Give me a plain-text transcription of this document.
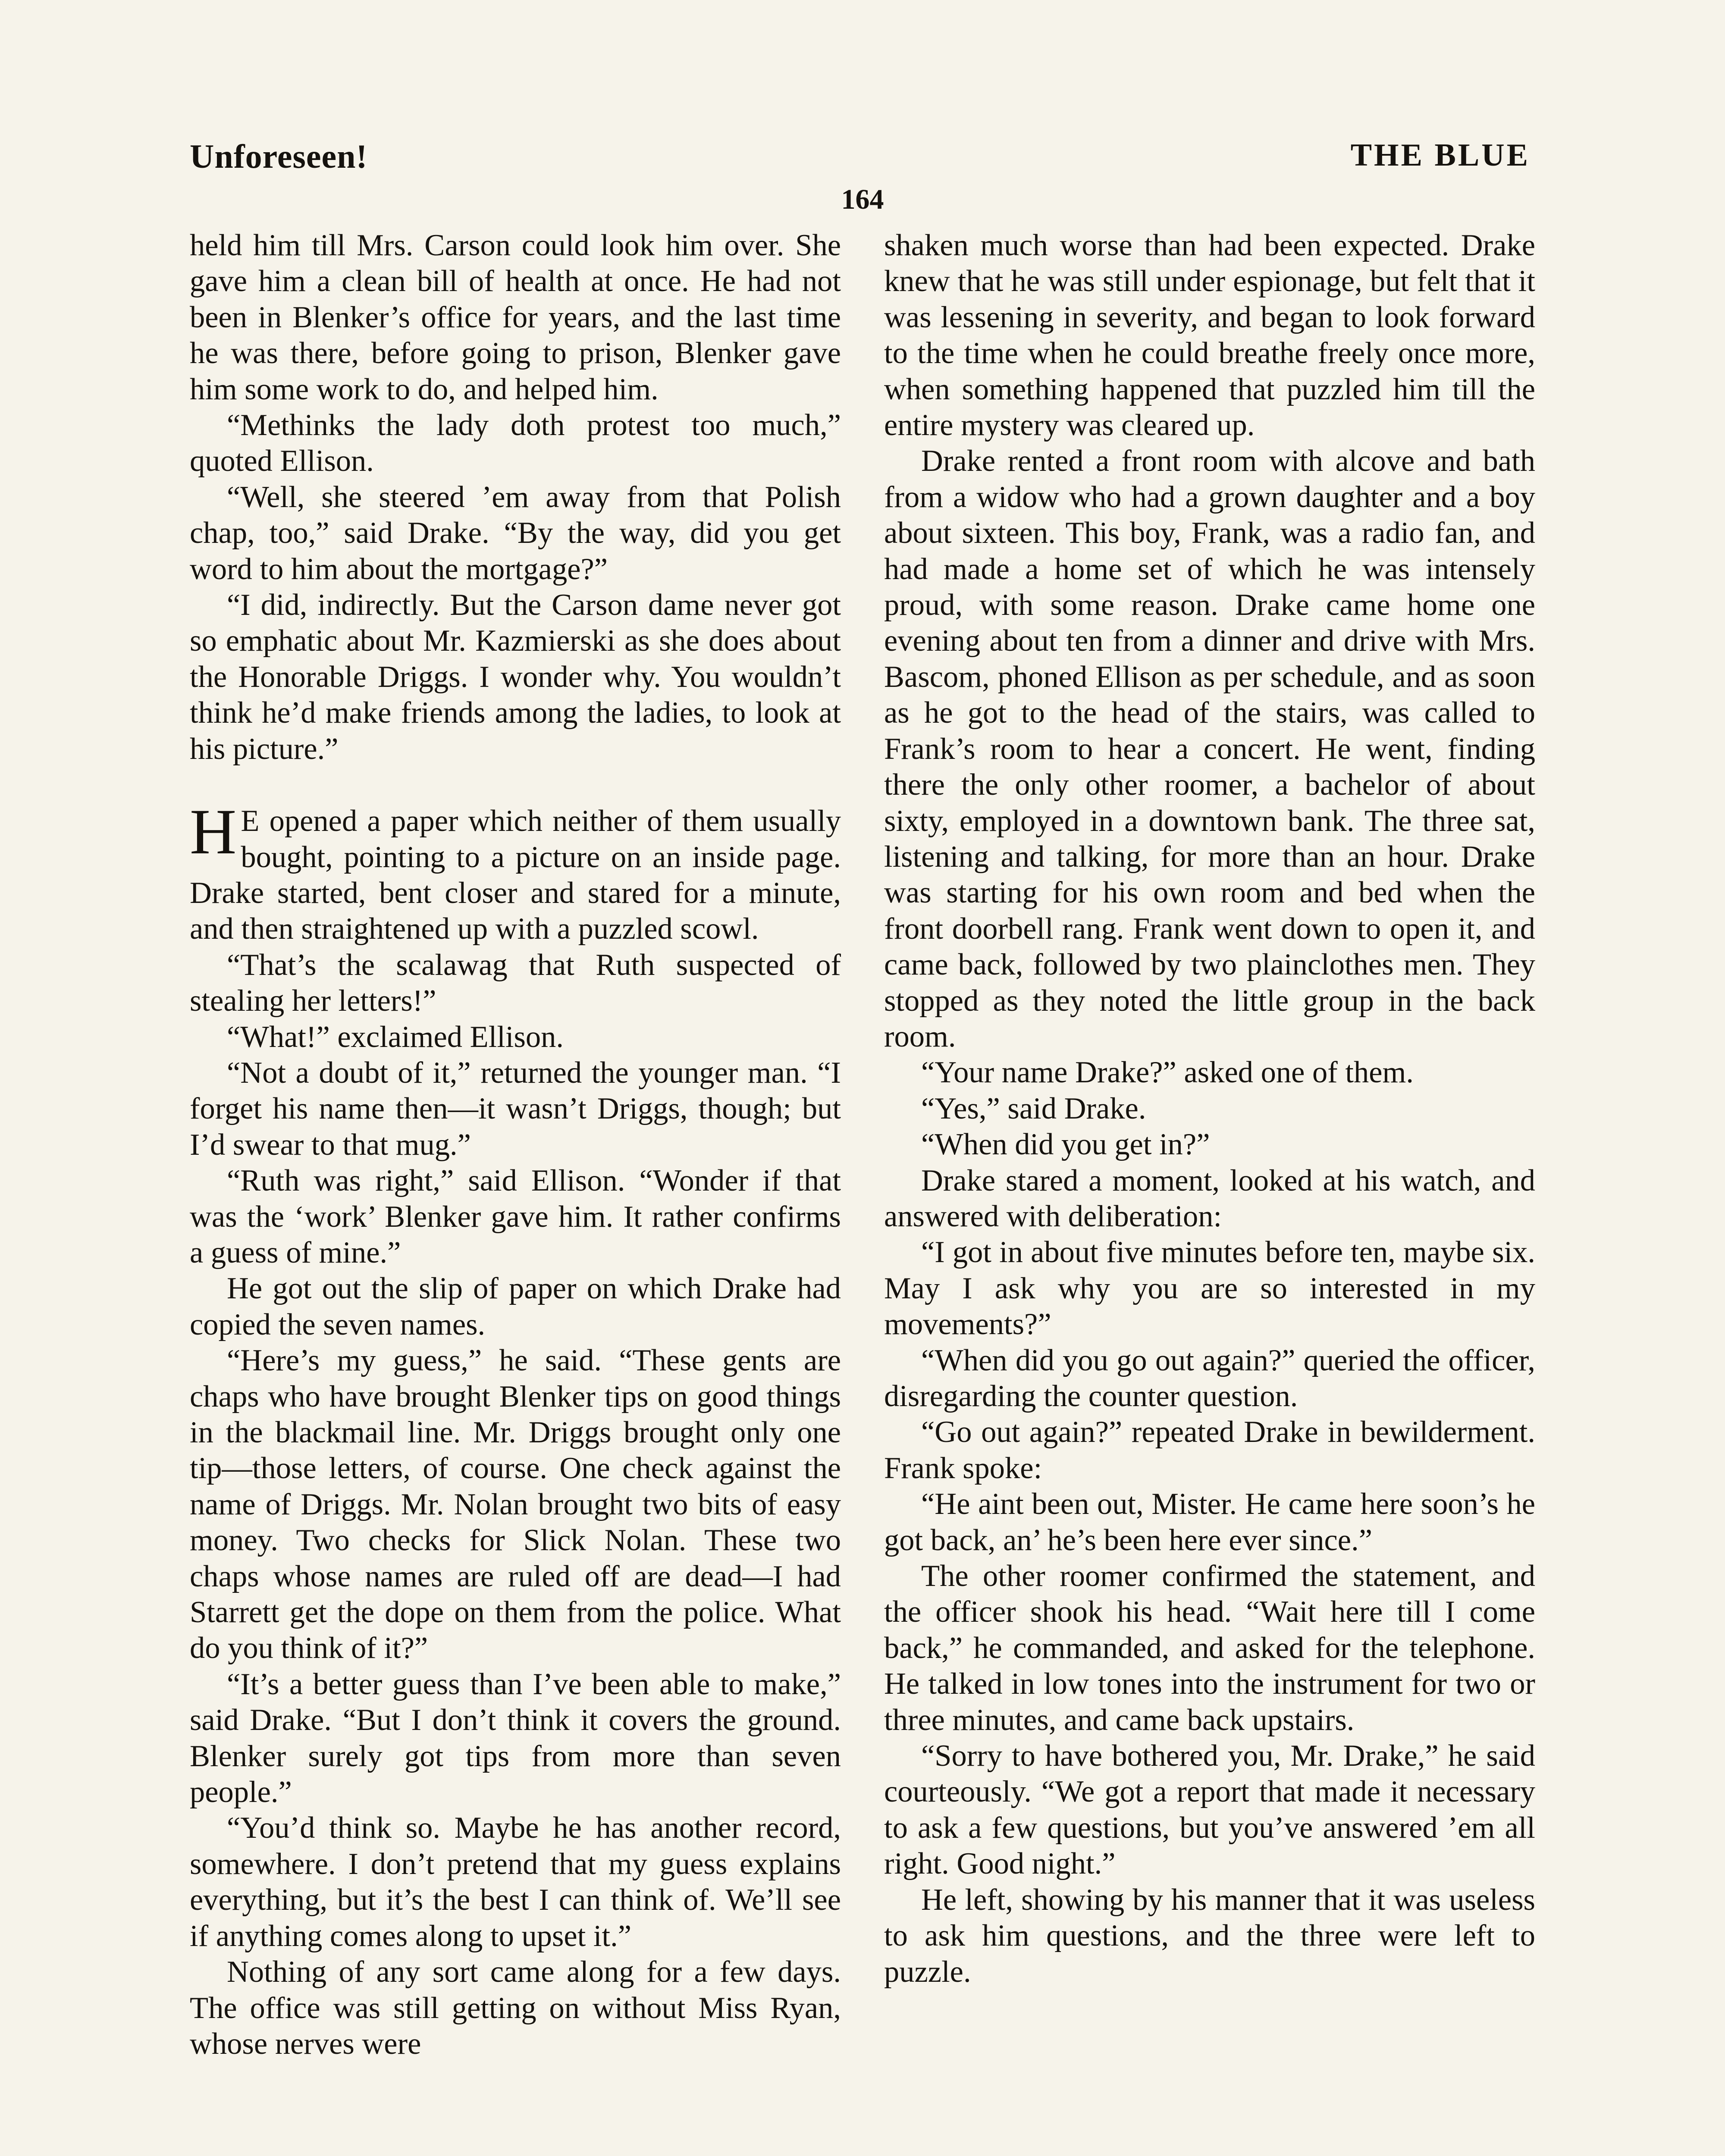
Unforeseen!	THE BLUE
164

held him till Mrs. Carson could look him over. She gave him a clean bill of health at once. He had not been in Blenker’s office for years, and the last time he was there, before going to prison, Blenker gave him some work to do, and helped him.

“Methinks the lady doth protest too much,” quoted Ellison.

“Well, she steered ’em away from that Polish chap, too,” said Drake. “By the way, did you get word to him about the mortgage?”

“I did, indirectly. But the Carson dame never got so emphatic about Mr. Kazmierski as she does about the Honorable Driggs. I wonder why. You wouldn’t think he’d make friends among the ladies, to look at his picture.”

H E opened a paper which neither of them usually bought, pointing to a picture on an inside page. Drake started, bent closer and stared for a minute, and then straightened up with a puzzled scowl.

“That’s the scalawag that Ruth suspected of stealing her letters!”

“What!” exclaimed Ellison.

“Not a doubt of it,” returned the younger man. “I forget his name then—it wasn’t Driggs, though; but I’d swear to that mug.”

“Ruth was right,” said Ellison. “Wonder if that was the ‘work’ Blenker gave him. It rather confirms a guess of mine.”

He got out the slip of paper on which Drake had copied the seven names.

“Here’s my guess,” he said. “These gents are chaps who have brought Blenker tips on good things in the blackmail line. Mr. Driggs brought only one tip—those letters, of course. One check against the name of Driggs. Mr. Nolan brought two bits of easy money. Two checks for Slick Nolan. These two chaps whose names are ruled off are dead—I had Starrett get the dope on them from the police. What do you think of it?”

“It’s a better guess than I’ve been able to make,” said Drake. “But I don’t think it covers the ground. Blenker surely got tips from more than seven people.”

“You’d think so. Maybe he has another record, somewhere. I don’t pretend that my guess explains everything, but it’s the best I can think of. We’ll see if anything comes along to upset it.”

Nothing of any sort came along for a few days. The office was still getting on without Miss Ryan, whose nerves were

shaken much worse than had been expected. Drake knew that he was still under espionage, but felt that it was lessening in severity, and began to look forward to the time when he could breathe freely once more, when something happened that puzzled him till the entire mystery was cleared up.

Drake rented a front room with alcove and bath from a widow who had a grown daughter and a boy about sixteen. This boy, Frank, was a radio fan, and had made a home set of which he was intensely proud, with some reason. Drake came home one evening about ten from a dinner and drive with Mrs. Bascom, phoned Ellison as per schedule, and as soon as he got to the head of the stairs, was called to Frank’s room to hear a concert. He went, finding there the only other roomer, a bachelor of about sixty, employed in a downtown bank. The three sat, listening and talking, for more than an hour. Drake was starting for his own room and bed when the front doorbell rang. Frank went down to open it, and came back, followed by two plainclothes men. They stopped as they noted the little group in the back room.

“Your name Drake?” asked one of them.

“Yes,” said Drake.

“When did you get in?”

Drake stared a moment, looked at his watch, and answered with deliberation:

“I got in about five minutes before ten, maybe six. May I ask why you are so interested in my movements?”

“When did you go out again?” queried the officer, disregarding the counter question.

“Go out again?” repeated Drake in bewilderment. Frank spoke:

“He aint been out, Mister. He came here soon’s he got back, an’ he’s been here ever since.”

The other roomer confirmed the statement, and the officer shook his head. “Wait here till I come back,” he commanded, and asked for the telephone. He talked in low tones into the instrument for two or three minutes, and came back upstairs.

“Sorry to have bothered you, Mr. Drake,” he said courteously. “We got a report that made it necessary to ask a few questions, but you’ve answered ’em all right. Good night.”

He left, showing by his manner that it was useless to ask him questions, and the three were left to puzzle.
